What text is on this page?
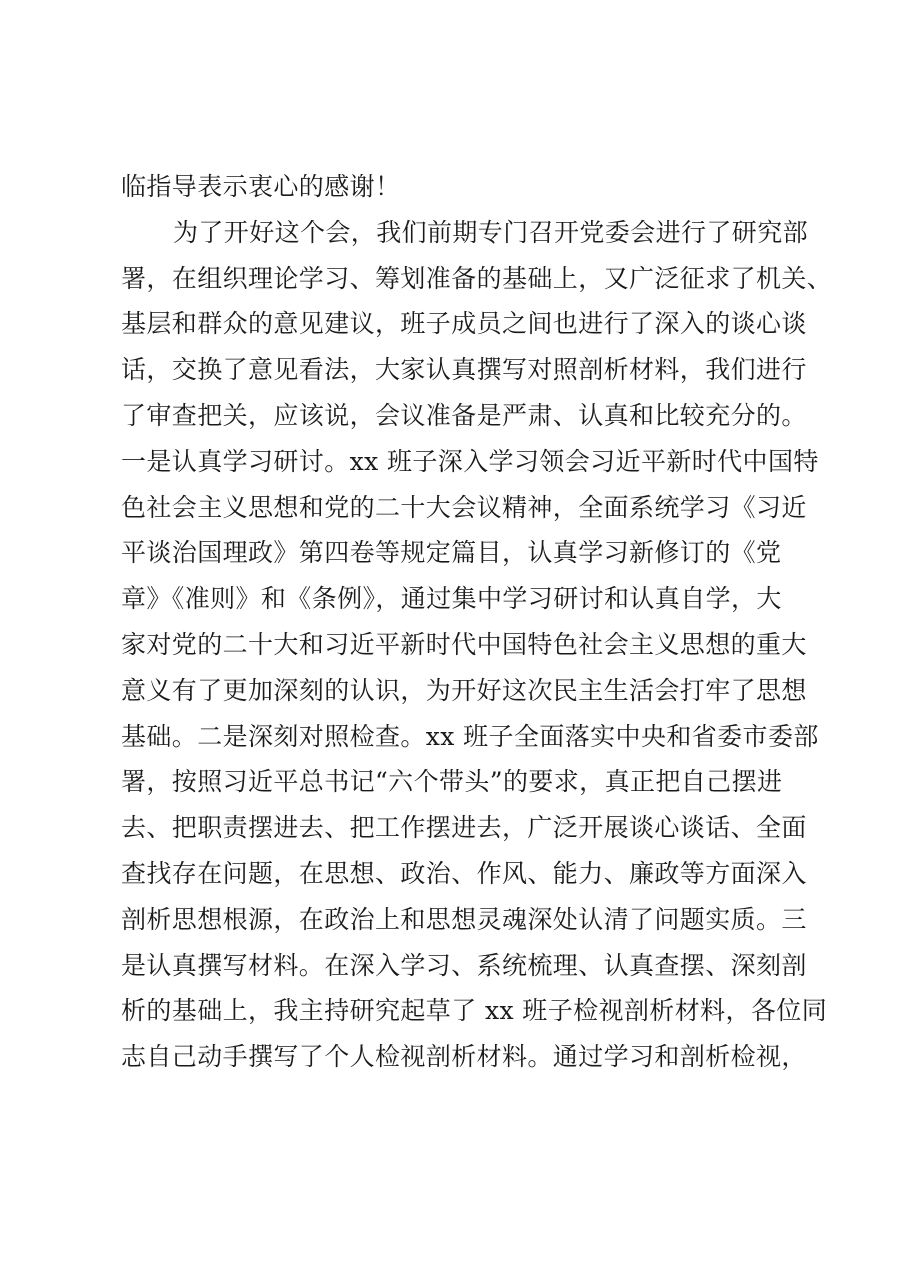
临指导表示衷心的感谢！
为了开好这个会，我们前期专门召开党委会进行了研究部
署，在组织理论学习、筹划准备的基础上，又广泛征求了机关、
基层和群众的意见建议，班子成员之间也进行了深入的谈心谈
话，交换了意见看法，大家认真撰写对照剖析材料，我们进行
了审查把关，应该说，会议准备是严肃、认真和比较充分的。
一是认真学习研讨。xx 班子深入学习领会习近平新时代中国特
色社会主义思想和党的二十大会议精神，全面系统学习《习近
平谈治国理政》第四卷等规定篇目，认真学习新修订的《党
章》《准则》和《条例》，通过集中学习研讨和认真自学，大
家对党的二十大和习近平新时代中国特色社会主义思想的重大
意义有了更加深刻的认识，为开好这次民主生活会打牢了思想
基础。二是深刻对照检查。xx 班子全面落实中央和省委市委部
署，按照习近平总书记“六个带头”的要求，真正把自己摆进
去、把职责摆进去、把工作摆进去，广泛开展谈心谈话、全面
查找存在问题，在思想、政治、作风、能力、廉政等方面深入
剖析思想根源，在政治上和思想灵魂深处认清了问题实质。三
是认真撰写材料。在深入学习、系统梳理、认真查摆、深刻剖
析的基础上，我主持研究起草了 xx 班子检视剖析材料，各位同
志自己动手撰写了个人检视剖析材料。通过学习和剖析检视，
